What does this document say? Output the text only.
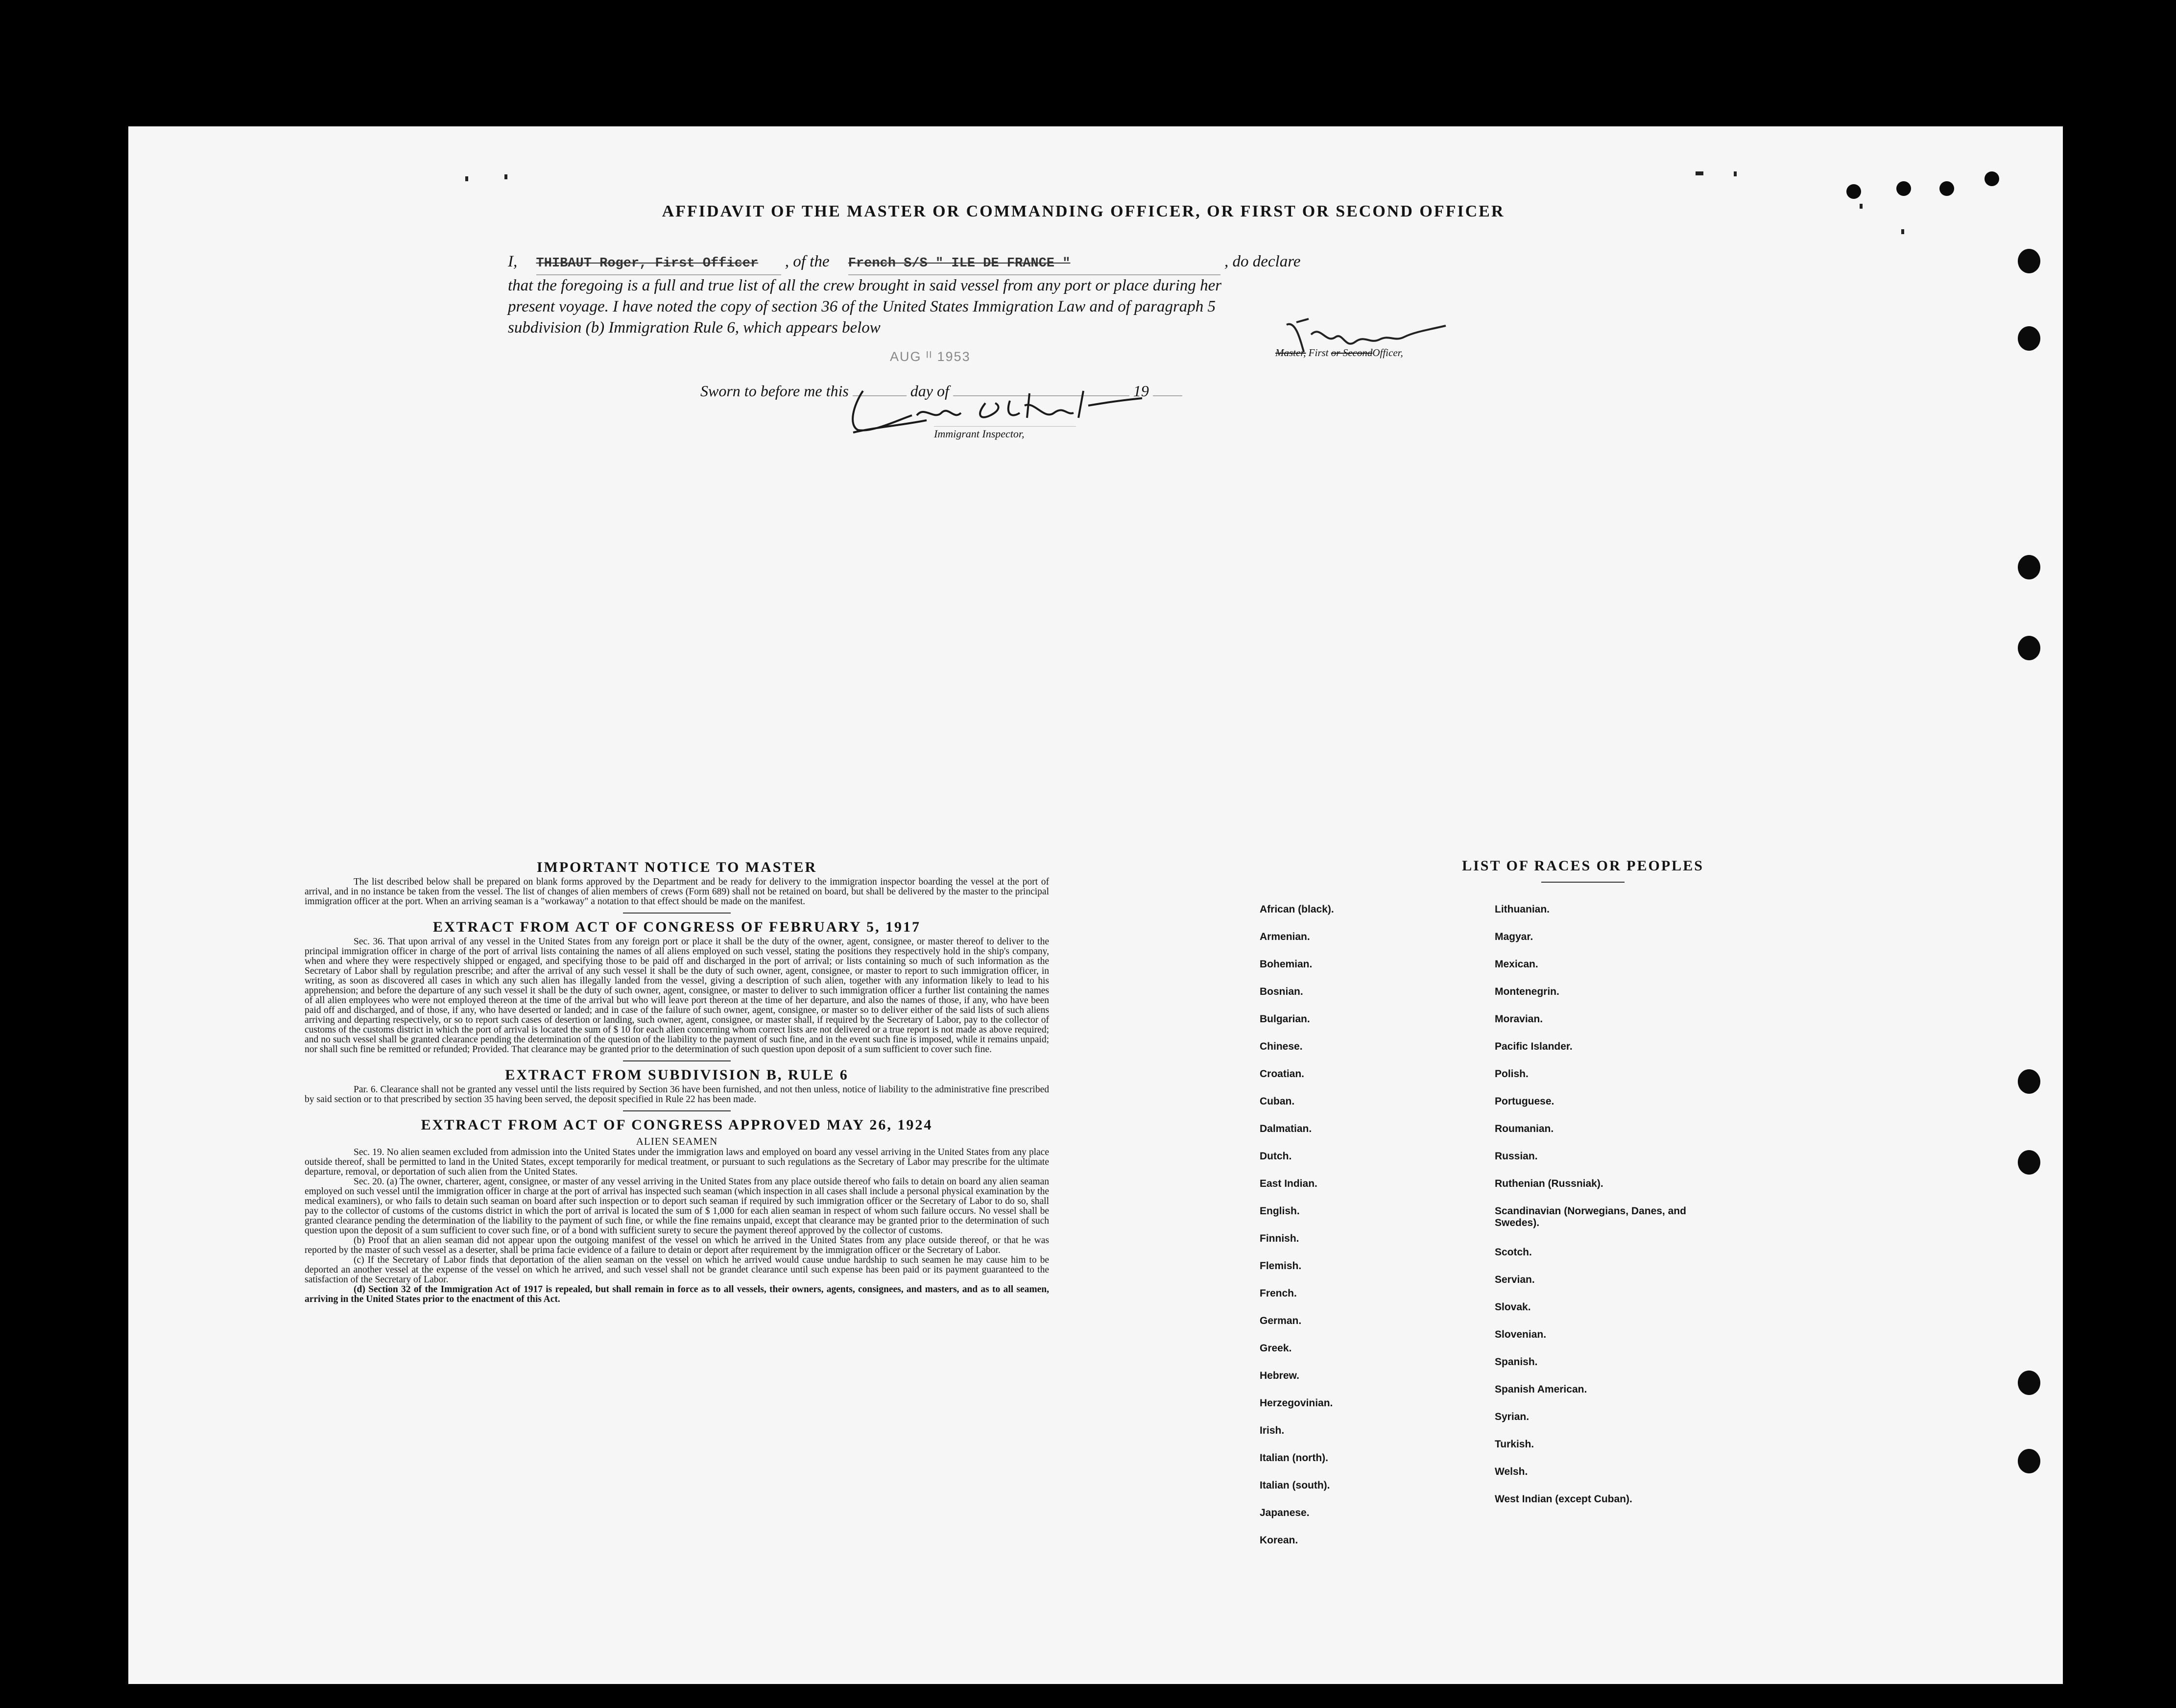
AFFIDAVIT OF THE MASTER OR COMMANDING OFFICER, OR FIRST OR SECOND OFFICER
I, THIBAUT Roger, First Officer , of the French S/S " ILE DE FRANCE "	, do declare
that the foregoing is a full and true list of all the crew brought in said vessel from any port or place during her
present voyage. I have noted the copy of section 36 of the United States Immigration Law and of paragraph 5
subdivision (b) Immigration Rule 6, which appears below
Master, First or SecondOfficer,
AUG ᴵᴵ 1953
Sworn to before me this	day of	19
Immigrant Inspector,
IMPORTANT NOTICE TO MASTER

The list described below shall be prepared on blank forms approved by the Department and be ready for delivery to the immigration inspector boarding the vessel at the port of arrival, and in no instance be taken from the vessel. The list of changes of alien members of crews (Form 689) shall not be retained on board, but shall be delivered by the master to the principal immigration officer at the port. When an arriving seaman is a "workaway" a notation to that effect should be made on the manifest.

EXTRACT FROM ACT OF CONGRESS OF FEBRUARY 5, 1917

Sec. 36. That upon arrival of any vessel in the United States from any foreign port or place it shall be the duty of the owner, agent, consignee, or master thereof to deliver to the principal immigration officer in charge of the port of arrival lists containing the names of all aliens employed on such vessel, stating the positions they respectively hold in the ship's company, when and where they were respectively shipped or engaged, and specifying those to be paid off and discharged in the port of arrival; or lists containing so much of such information as the Secretary of Labor shall by regulation prescribe; and after the arrival of any such vessel it shall be the duty of such owner, agent, consignee, or master to report to such immigration officer, in writing, as soon as discovered all cases in which any such alien has illegally landed from the vessel, giving a description of such alien, together with any information likely to lead to his apprehension; and before the departure of any such vessel it shall be the duty of such owner, agent, consignee, or master to deliver to such immigration officer a further list containing the names of all alien employees who were not employed thereon at the time of the arrival but who will leave port thereon at the time of her departure, and also the names of those, if any, who have been paid off and discharged, and of those, if any, who have deserted or landed; and in case of the failure of such owner, agent, consignee, or master so to deliver either of the said lists of such aliens arriving and departing respectively, or so to report such cases of desertion or landing, such owner, agent, consignee, or master shall, if required by the Secretary of Labor, pay to the collector of customs of the customs district in which the port of arrival is located the sum of $ 10 for each alien concerning whom correct lists are not delivered or a true report is not made as above required; and no such vessel shall be granted clearance pending the determination of the question of the liability to the payment of such fine, and in the event such fine is imposed, while it remains unpaid; nor shall such fine be remitted or refunded; Provided. That clearance may be granted prior to the determination of such question upon deposit of a sum sufficient to cover such fine.

EXTRACT FROM SUBDIVISION B, RULE 6

Par. 6. Clearance shall not be granted any vessel until the lists required by Section 36 have been furnished, and not then unless, notice of liability to the administrative fine prescribed by said section or to that prescribed by section 35 having been served, the deposit specified in Rule 22 has been made.

EXTRACT FROM ACT OF CONGRESS APPROVED MAY 26, 1924
ALIEN SEAMEN

Sec. 19. No alien seamen excluded from admission into the United States under the immigration laws and employed on board any vessel arriving in the United States from any place outside thereof, shall be permitted to land in the United States, except temporarily for medical treatment, or pursuant to such regulations as the Secretary of Labor may prescribe for the ultimate departure, removal, or deportation of such alien from the United States.

Sec. 20. (a) The owner, charterer, agent, consignee, or master of any vessel arriving in the United States from any place outside thereof who fails to detain on board any alien seaman employed on such vessel until the immigration officer in charge at the port of arrival has inspected such seaman (which inspection in all cases shall include a personal physical examination by the medical examiners), or who fails to detain such seaman on board after such inspection or to deport such seaman if required by such immigration officer or the Secretary of Labor to do so, shall pay to the collector of customs of the customs district in which the port of arrival is located the sum of $ 1,000 for each alien seaman in respect of whom such failure occurs. No vessel shall be granted clearance pending the determination of the liability to the payment of such fine, or while the fine remains unpaid, except that clearance may be granted prior to the determination of such question upon the deposit of a sum sufficient to cover such fine, or of a bond with sufficient surety to secure the payment thereof approved by the collector of customs.

(b) Proof that an alien seaman did not appear upon the outgoing manifest of the vessel on which he arrived in the United States from any place outside thereof, or that he was reported by the master of such vessel as a deserter, shall be prima facie evidence of a failure to detain or deport after requirement by the immigration officer or the Secretary of Labor.

(c) If the Secretary of Labor finds that deportation of the alien seaman on the vessel on which he arrived would cause undue hardship to such seamen he may cause him to be deported an another vessel at the expense of the vessel on which he arrived, and such vessel shall not be grandet clearance until such expense has been paid or its payment guaranteed to the satisfaction of the Secretary of Labor.

(d) Section 32 of the Immigration Act of 1917 is repealed, but shall remain in force as to all vessels, their owners, agents, consignees, and masters, and as to all seamen, arriving in the United States prior to the enactment of this Act.

LIST OF RACES OR PEOPLES
African (black).
Armenian.
Bohemian.
Bosnian.
Bulgarian.
Chinese.
Croatian.
Cuban.
Dalmatian.
Dutch.
East Indian.
English.
Finnish.
Flemish.
French.
German.
Greek.
Hebrew.
Herzegovinian.
Irish.
Italian (north).
Italian (south).
Japanese.
Korean.
Lithuanian.
Magyar.
Mexican.
Montenegrin.
Moravian.
Pacific Islander.
Polish.
Portuguese.
Roumanian.
Russian.
Ruthenian (Russniak).
Scandinavian (Norwegians, Danes, and Swedes).
Scotch.
Servian.
Slovak.
Slovenian.
Spanish.
Spanish American.
Syrian.
Turkish.
Welsh.
West Indian (except Cuban).
